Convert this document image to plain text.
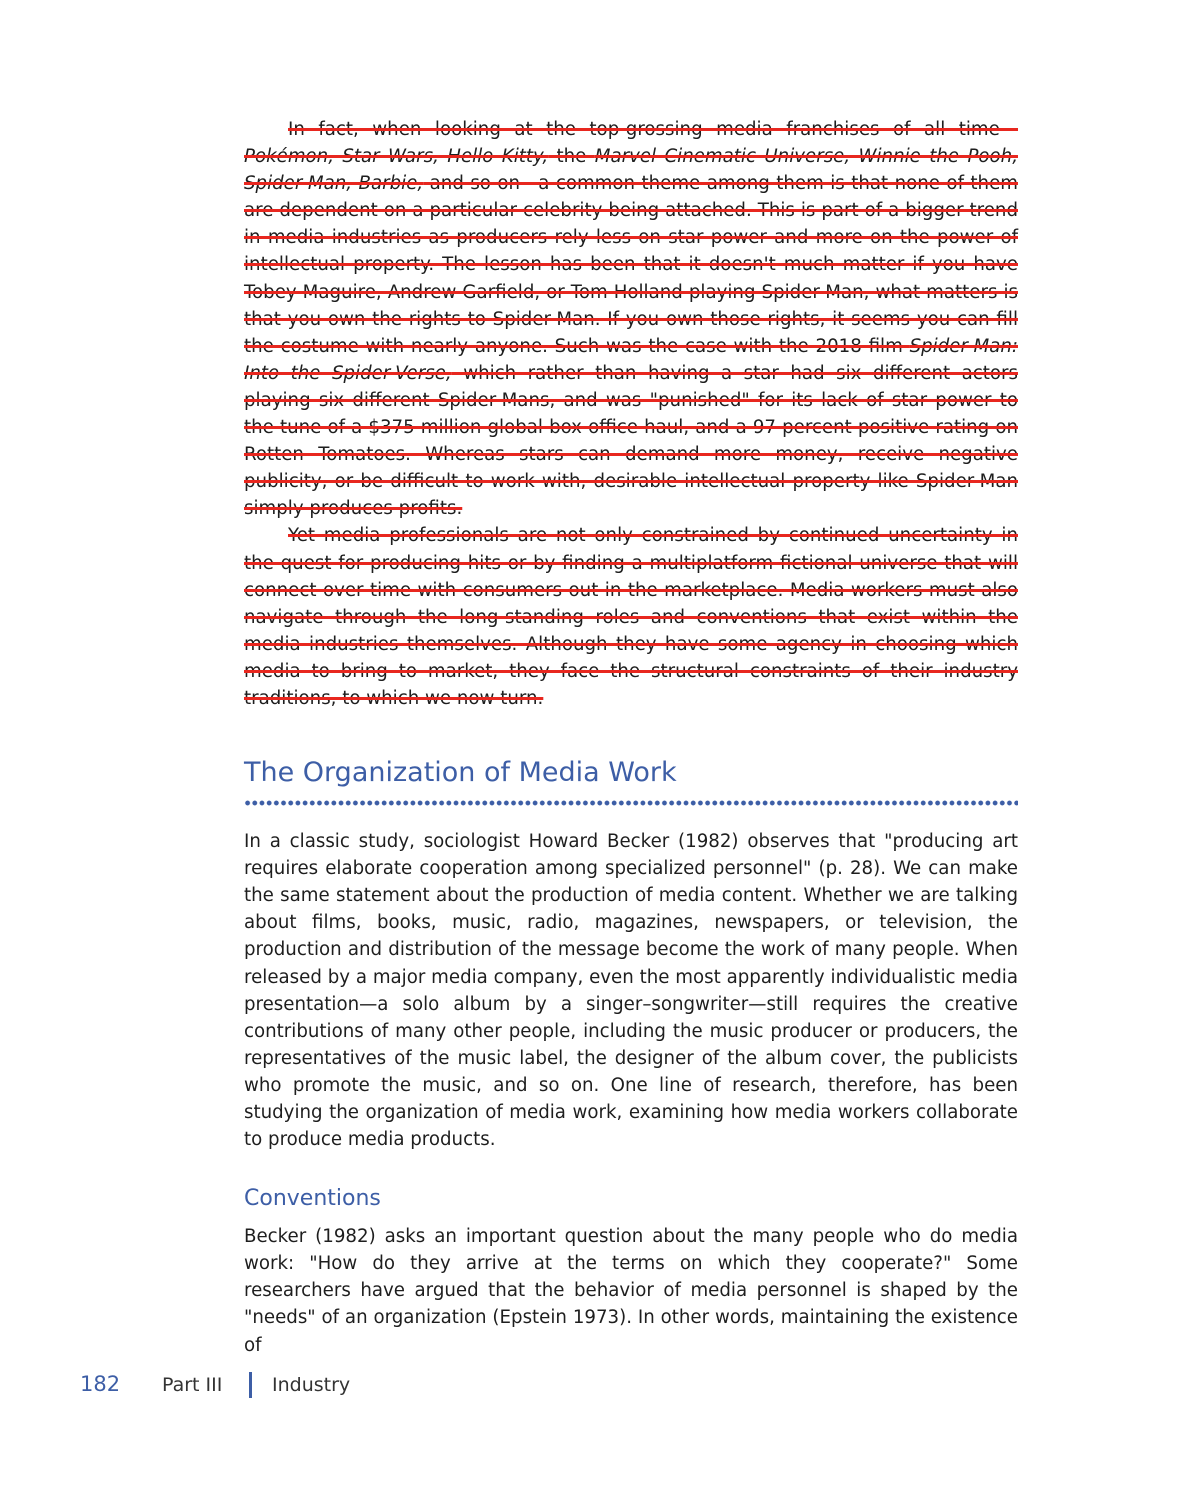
In fact, when looking at the top-grossing media franchises of all time—Pokémon, Star Wars, Hello Kitty, the Marvel Cinematic Universe, Winnie the Pooh, Spider-Man, Barbie, and so on—a common theme among them is that none of them are dependent on a particular celebrity being attached. This is part of a bigger trend in media industries as producers rely less on star power and more on the power of intellectual property. The lesson has been that it doesn't much matter if you have Tobey Maguire, Andrew Garfield, or Tom Holland playing Spider-Man, what matters is that you own the rights to Spider-Man. If you own those rights, it seems you can fill the costume with nearly anyone. Such was the case with the 2018 film Spider-Man: Into the Spider-Verse, which rather than having a star had six different actors playing six different Spider-Mans, and was "punished" for its lack of star power to the tune of a $375 million global box office haul, and a 97 percent positive rating on Rotten Tomatoes. Whereas stars can demand more money, receive negative publicity, or be difficult to work with, desirable intellectual property like Spider-Man simply produces profits.

Yet media professionals are not only constrained by continued uncertainty in the quest for producing hits or by finding a multiplatform fictional universe that will connect over time with consumers out in the marketplace. Media workers must also navigate through the long-standing roles and conventions that exist within the media industries themselves. Although they have some agency in choosing which media to bring to market, they face the structural constraints of their industry traditions, to which we now turn.

The Organization of Media Work

In a classic study, sociologist Howard Becker (1982) observes that "producing art requires elaborate cooperation among specialized personnel" (p. 28). We can make the same statement about the production of media content. Whether we are talking about films, books, music, radio, magazines, newspapers, or television, the production and distribution of the message become the work of many people. When released by a major media company, even the most apparently individualistic media presentation—a solo album by a singer–songwriter—still requires the creative contributions of many other people, including the music producer or producers, the representatives of the music label, the designer of the album cover, the publicists who promote the music, and so on. One line of research, therefore, has been studying the organization of media work, examining how media workers collaborate to produce media products.

Conventions

Becker (1982) asks an important question about the many people who do media work: "How do they arrive at the terms on which they cooperate?" Some researchers have argued that the behavior of media personnel is shaped by the "needs" of an organization (Epstein 1973). In other words, maintaining the existence of

182 Part III	Industry
